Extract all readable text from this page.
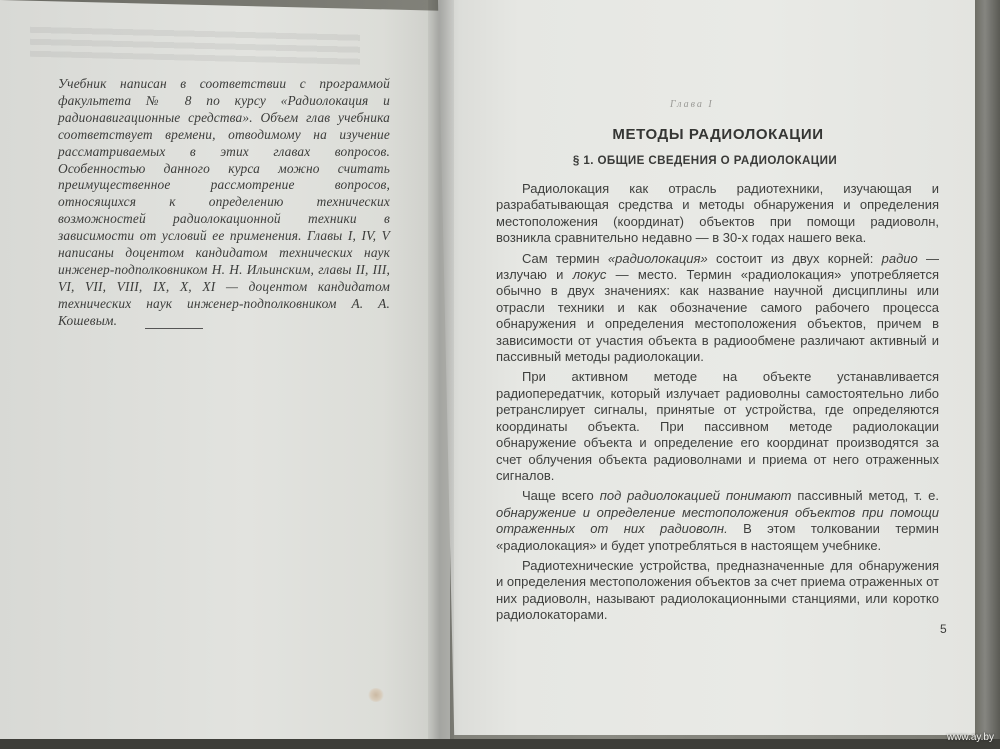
Учебник написан в соответствии с программой факультета № 8 по курсу «Радиолокация и радионавигационные средства». Объем глав учебника соответствует времени, отводимому на изучение рассматриваемых в этих главах вопросов. Особенностью данного курса можно считать преимущественное рассмотрение вопросов, относящихся к определению технических возможностей радиолокационной техники в зависимости от условий ее применения. Главы I, IV, V написаны доцентом кандидатом технических наук инженер-подполковником Н. Н. Ильинским, главы II, III, VI, VII, VIII, IX, X, XI — доцентом кандидатом технических наук инженер-подполковником А. А. Кошевым.

Глава I
МЕТОДЫ РАДИОЛОКАЦИИ
§ 1. ОБЩИЕ СВЕДЕНИЯ О РАДИОЛОКАЦИИ

Радиолокация как отрасль радиотехники, изучающая и разрабатывающая средства и методы обнаружения и определения местоположения (координат) объектов при помощи радиоволн, возникла сравнительно недавно — в 30-х годах нашего века.

Сам термин «радиолокация» состоит из двух корней: радио — излучаю и локус — место. Термин «радиолокация» употребляется обычно в двух значениях: как название научной дисциплины или отрасли техники и как обозначение самого рабочего процесса обнаружения и определения местоположения объектов, причем в зависимости от участия объекта в радиообмене различают активный и пассивный методы радиолокации.

При активном методе на объекте устанавливается радиопередатчик, который излучает радиоволны самостоятельно либо ретранслирует сигналы, принятые от устройства, где определяются координаты объекта. При пассивном методе радиолокации обнаружение объекта и определение его координат производятся за счет облучения объекта радиоволнами и приема от него отраженных сигналов.

Чаще всего под радиолокацией понимают пассивный метод, т. е. обнаружение и определение местоположения объектов при помощи отраженных от них радиоволн. В этом толковании термин «радиолокация» и будет употребляться в настоящем учебнике.

Радиотехнические устройства, предназначенные для обнаружения и определения местоположения объектов за счет приема отраженных от них радиоволн, называют радиолокационными станциями, или коротко радиолокаторами.

5
www.ay.by
